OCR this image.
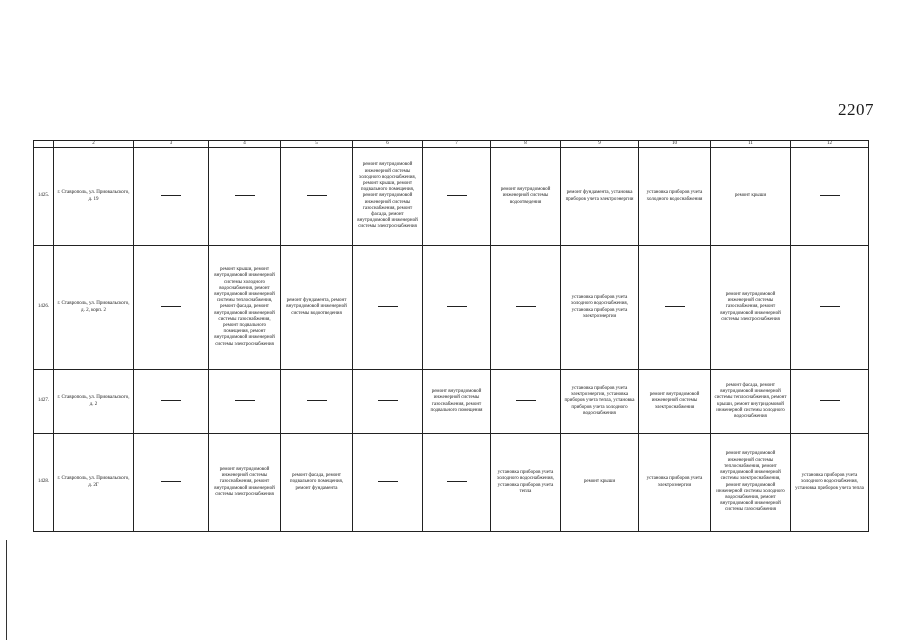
2207
	2	3	4	5	6	7	8	9	10	11	12
1425.	г. Ставрополь, ул. Приовальского, д. 19				ремонт внутридомовой инженерной системы холодного водоснабжения, ремонт крыши, ремонт подвального помещения, ремонт внутридомовой инженерной системы газоснабжения, ремонт фасада, ремонт внутридомовой инженерной системы электроснабжения		ремонт внутридомовой инженерной системы водоотведения	ремонт фундамента, установка приборов учета электроэнергии	установка приборов учета холодного водоснабжения	ремонт крыши	
1426.	г. Ставрополь, ул. Приовальского, д. 2, корп. 2		ремонт крыши, ремонт внутридомовой инженерной системы холодного водоснабжения, ремонт внутридомовой инженерной системы теплоснабжения, ремонт фасада, ремонт внутридомовой инженерной системы газоснабжения, ремонт подвального помещения, ремонт внутридомовой инженерной системы электроснабжения	ремонт фундамента, ремонт внутридомовой инженерной системы водоотведения				установка приборов учета холодного водоснабжения, установка приборов учета электроэнергии		ремонт внутридомовой инженерной системы газоснабжения, ремонт внутридомовой инженерной системы электроснабжения	
1427.	г. Ставрополь, ул. Приовальского, д. 2					ремонт внутридомовой инженерной системы газоснабжения, ремонт подвального помещения		установка приборов учета электроэнергии, установка приборов учета тепла, установка приборов учета холодного водоснабжения	ремонт внутридомовой инженерной системы электроснабжения	ремонт фасада, ремонт внутридомовой инженерной системы теплоснабжения, ремонт крыши, ремонт внутридомовой инженерной системы холодного водоснабжения	
1428.	г. Ставрополь, ул. Приовальского, д. 2Г		ремонт внутридомовой инженерной системы газоснабжения, ремонт внутридомовой инженерной системы электроснабжения	ремонт фасада, ремонт подвального помещения, ремонт фундамента			установка приборов учета холодного водоснабжения, установка приборов учета тепла	ремонт крыши	установка приборов учета электроэнергии	ремонт внутридомовой инженерной системы теплоснабжения, ремонт внутридомовой инженерной системы электроснабжения, ремонт внутридомовой инженерной системы холодного водоснабжения, ремонт внутридомовой инженерной системы газоснабжения	установка приборов учета холодного водоснабжения, установка приборов учета тепла
